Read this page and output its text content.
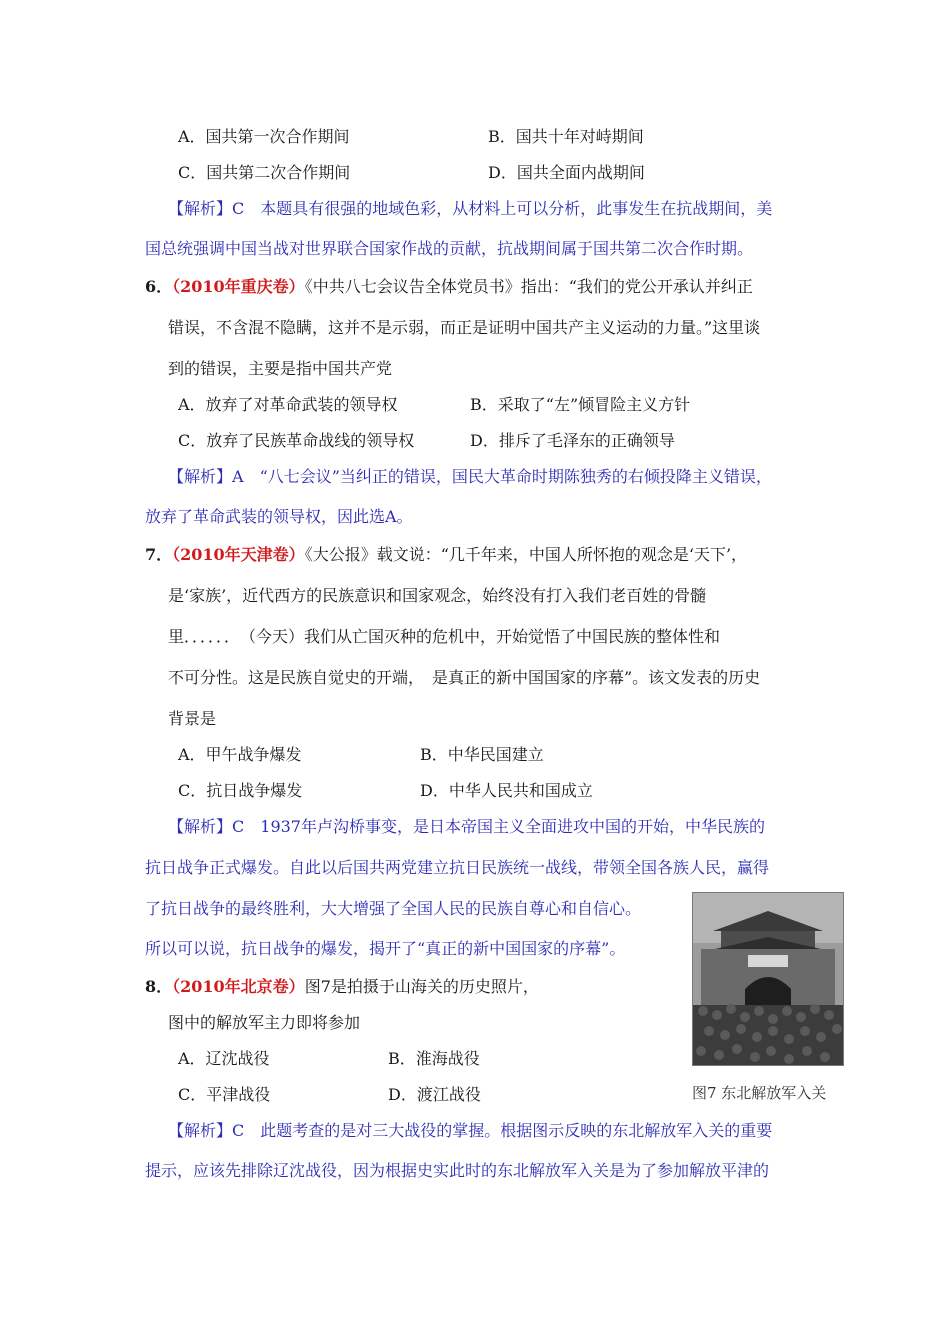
A．国共第一次合作期间	B．国共十年对峙期间
C．国共第二次合作期间	D．国共全面内战期间
【解析】C　本题具有很强的地域色彩，从材料上可以分析，此事发生在抗战期间，美
国总统强调中国当战对世界联合国家作战的贡献，抗战期间属于国共第二次合作时期。
6．（2010年重庆卷）《中共八七会议告全体党员书》指出：“我们的党公开承认并纠正
错误，不含混不隐瞒，这并不是示弱，而正是证明中国共产主义运动的力量。”这里谈
到的错误，主要是指中国共产党
A．放弃了对革命武装的领导权	B．采取了“左”倾冒险主义方针
C．放弃了民族革命战线的领导权	D．排斥了毛泽东的正确领导
【解析】A　“八七会议”当纠正的错误，国民大革命时期陈独秀的右倾投降主义错误，
放弃了革命武装的领导权，因此选A。
7．（2010年天津卷）《大公报》载文说：“几千年来，中国人所怀抱的观念是‘天下’，
是‘家族’，近代西方的民族意识和国家观念，始终没有打入我们老百姓的骨髓
里．．．．．．　（今天）我们从亡国灭种的危机中，开始觉悟了中国民族的整体性和
不可分性。这是民族自觉史的开端，　是真正的新中国国家的序幕”。该文发表的历史
背景是
A．甲午战争爆发	B．中华民国建立
C．抗日战争爆发	D．中华人民共和国成立
【解析】C　1937年卢沟桥事变，是日本帝国主义全面进攻中国的开始，中华民族的
抗日战争正式爆发。自此以后国共两党建立抗日民族统一战线，带领全国各族人民，赢得
了抗日战争的最终胜利，大大增强了全国人民的民族自尊心和自信心。
所以可以说，抗日战争的爆发，揭开了“真正的新中国国家的序幕”。
图7 东北解放军入关
8．（2010年北京卷）图7是拍摄于山海关的历史照片，
图中的解放军主力即将参加
A．辽沈战役	B．淮海战役
C．平津战役	D．渡江战役
【解析】C　此题考查的是对三大战役的掌握。根据图示反映的东北解放军入关的重要
提示，应该先排除辽沈战役，因为根据史实此时的东北解放军入关是为了参加解放平津的
